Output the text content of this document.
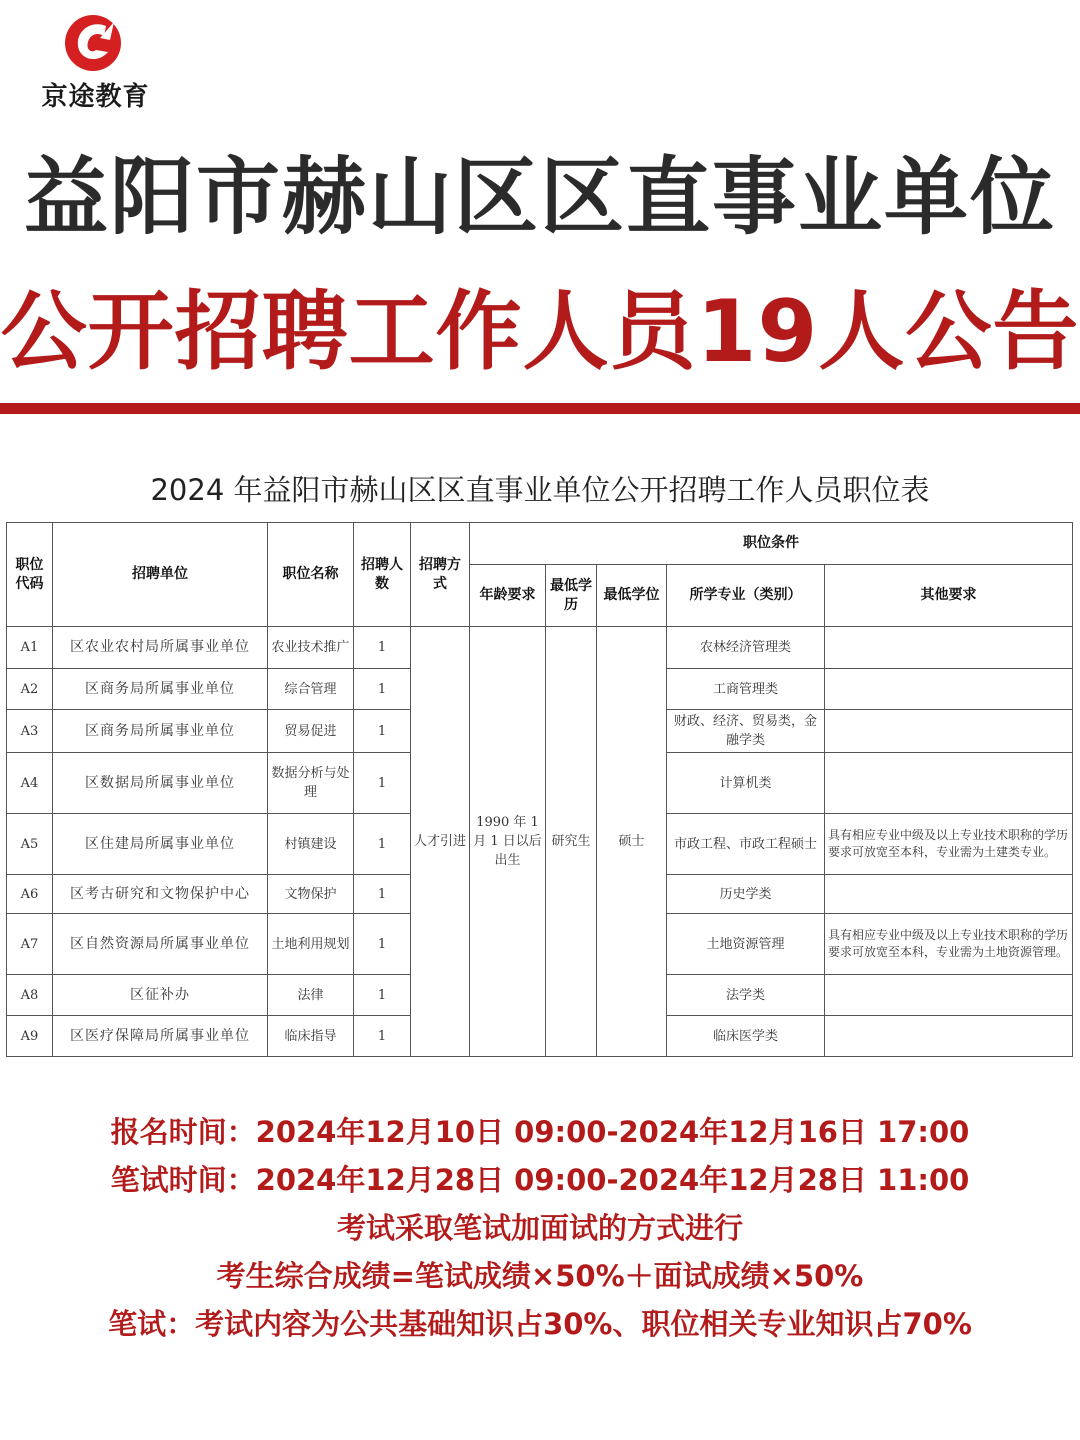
京途教育
益阳市赫山区区直事业单位
公开招聘工作人员19人公告
2024 年益阳市赫山区区直事业单位公开招聘工作人员职位表
职位代码	招聘单位	职位名称	招聘人数	招聘方式	职位条件				
					年龄要求	最低学历	最低学位	所学专业（类别）	其他要求
A1	区农业农村局所属事业单位	农业技术推广	1	人才引进	1990 年 1 月 1 日以后出生	研究生	硕士	农林经济管理类	
A2	区商务局所属事业单位	综合管理	1					工商管理类	
A3	区商务局所属事业单位	贸易促进	1					财政、经济、贸易类，金融学类	
A4	区数据局所属事业单位	数据分析与处理	1					计算机类	
A5	区住建局所属事业单位	村镇建设	1					市政工程、市政工程硕士	具有相应专业中级及以上专业技术职称的学历要求可放宽至本科，专业需为土建类专业。
A6	区考古研究和文物保护中心	文物保护	1					历史学类	
A7	区自然资源局所属事业单位	土地利用规划	1					土地资源管理	具有相应专业中级及以上专业技术职称的学历要求可放宽至本科，专业需为土地资源管理。
A8	区征补办	法律	1					法学类	
A9	区医疗保障局所属事业单位	临床指导	1					临床医学类	
报名时间：2024年12月10日 09:00-2024年12月16日 17:00
笔试时间：2024年12月28日 09:00-2024年12月28日 11:00
考试采取笔试加面试的方式进行
考生综合成绩=笔试成绩×50%＋面试成绩×50%
笔试：考试内容为公共基础知识占30%、职位相关专业知识占70%
